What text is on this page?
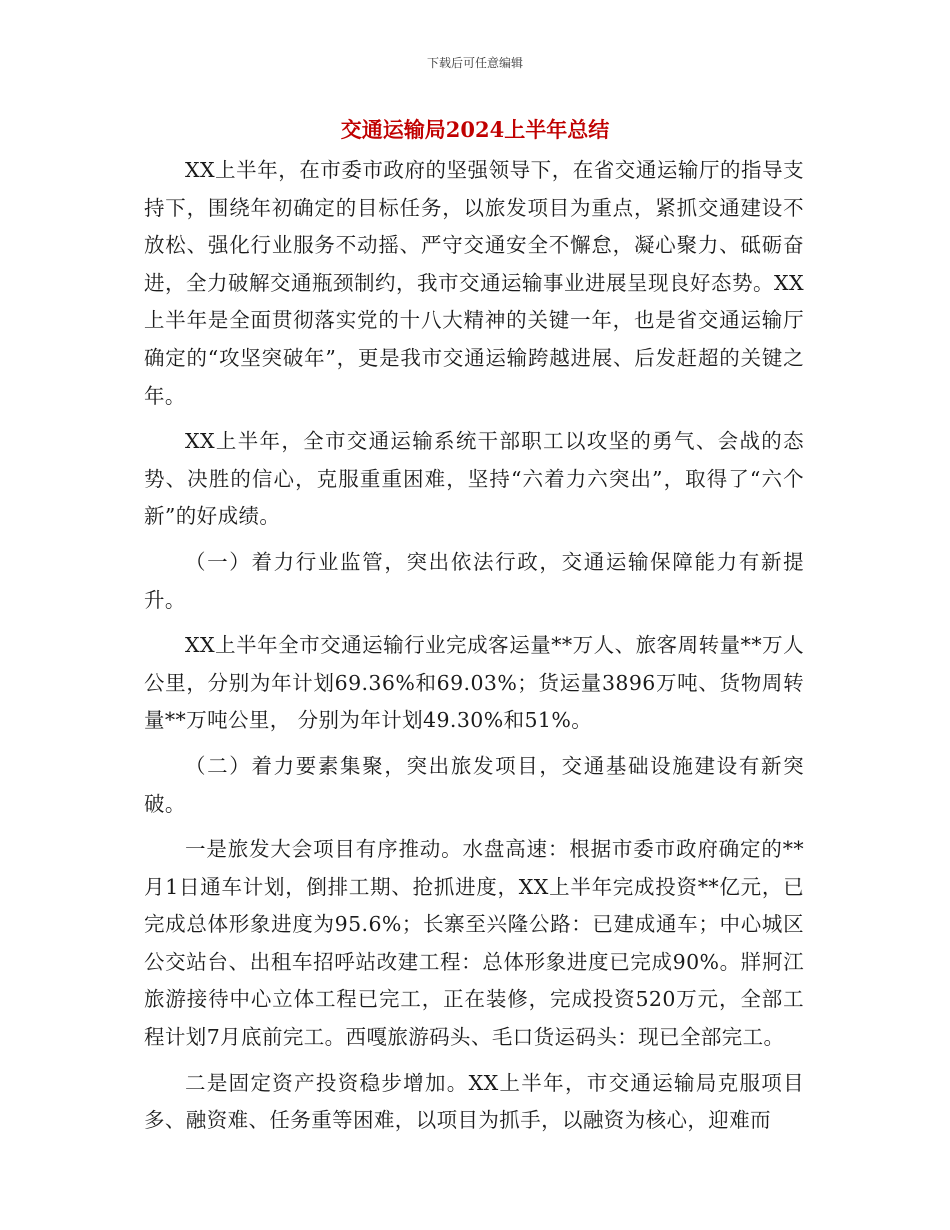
下载后可任意编辑
交通运输局2024上半年总结

XX上半年，在市委市政府的坚强领导下，在省交通运输厅的指导支持下，围绕年初确定的目标任务，以旅发项目为重点，紧抓交通建设不放松、强化行业服务不动摇、严守交通安全不懈怠，凝心聚力、砥砺奋进，全力破解交通瓶颈制约，我市交通运输事业进展呈现良好态势。XX上半年是全面贯彻落实党的十八大精神的关键一年，也是省交通运输厅确定的“攻坚突破年”，更是我市交通运输跨越进展、后发赶超的关键之年。

XX上半年，全市交通运输系统干部职工以攻坚的勇气、会战的态势、决胜的信心，克服重重困难，坚持“六着力六突出”，取得了“六个新”的好成绩。

（一）着力行业监管，突出依法行政，交通运输保障能力有新提升。

XX上半年全市交通运输行业完成客运量**万人、旅客周转量**万人公里，分别为年计划69.36%和69.03%；货运量3896万吨、货物周转量**万吨公里， 分别为年计划49.30%和51%。

（二）着力要素集聚，突出旅发项目，交通基础设施建设有新突破。

一是旅发大会项目有序推动。水盘高速：根据市委市政府确定的**月1日通车计划，倒排工期、抢抓进度，XX上半年完成投资**亿元，已完成总体形象进度为95.6%；长寨至兴隆公路：已建成通车；中心城区公交站台、出租车招呼站改建工程：总体形象进度已完成90%。牂牁江旅游接待中心立体工程已完工，正在装修，完成投资520万元，全部工程计划7月底前完工。西嘎旅游码头、毛口货运码头：现已全部完工。

二是固定资产投资稳步增加。XX上半年，市交通运输局克服项目多、融资难、任务重等困难，以项目为抓手，以融资为核心，迎难而
